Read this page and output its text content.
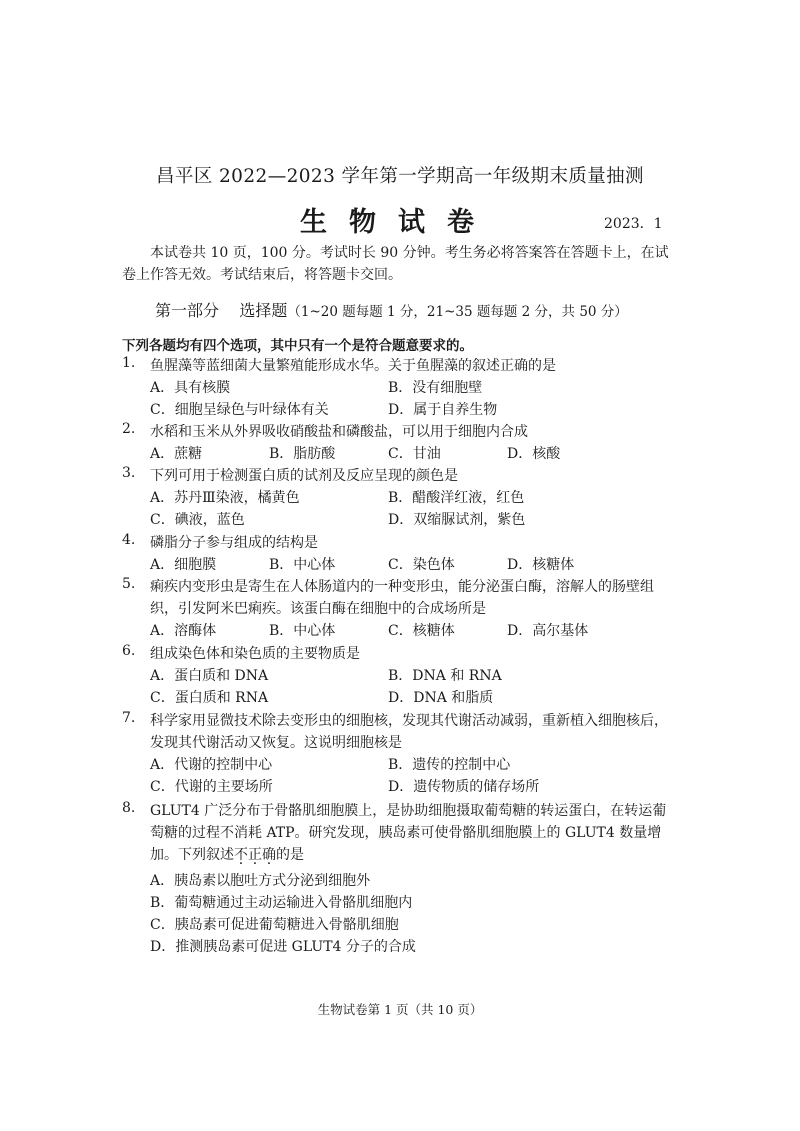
昌平区 2022—2023 学年第一学期高一年级期末质量抽测
生 物 试 卷	2023．1
本试卷共 10 页，100 分。考试时长 90 分钟。考生务必将答案答在答题卡上，在试
卷上作答无效。考试结束后，将答题卡交回。
第一部分    选择题（1~20 题每题 1 分，21~35 题每题 2 分，共 50 分）
下列各题均有四个选项，其中只有一个是符合题意要求的。
1.	鱼腥藻等蓝细菌大量繁殖能形成水华。关于鱼腥藻的叙述正确的是
A．具有核膜	B．没有细胞壁
C．细胞呈绿色与叶绿体有关	D．属于自养生物
2.	水稻和玉米从外界吸收硝酸盐和磷酸盐，可以用于细胞内合成
A．蔗糖	B．脂肪酸	C．甘油	D．核酸
3.	下列可用于检测蛋白质的试剂及反应呈现的颜色是
A．苏丹Ⅲ染液，橘黄色	B．醋酸洋红液，红色
C．碘液，蓝色	D．双缩脲试剂，紫色
4.	磷脂分子参与组成的结构是
A．细胞膜	B．中心体	C．染色体	D．核糖体
5.	痢疾内变形虫是寄生在人体肠道内的一种变形虫，能分泌蛋白酶，溶解人的肠壁组
织，引发阿米巴痢疾。该蛋白酶在细胞中的合成场所是
A．溶酶体	B．中心体	C．核糖体	D．高尔基体
6.	组成染色体和染色质的主要物质是
A．蛋白质和 DNA	B．DNA 和 RNA
C．蛋白质和 RNA	D．DNA 和脂质
7.	科学家用显微技术除去变形虫的细胞核，发现其代谢活动减弱，重新植入细胞核后，
发现其代谢活动又恢复。这说明细胞核是
A．代谢的控制中心	B．遗传的控制中心
C．代谢的主要场所	D．遗传物质的储存场所
8.	GLUT4 广泛分布于骨骼肌细胞膜上，是协助细胞摄取葡萄糖的转运蛋白，在转运葡
萄糖的过程不消耗 ATP。研究发现，胰岛素可使骨骼肌细胞膜上的 GLUT4 数量增
加。下列叙述不正确的是
A．胰岛素以胞吐方式分泌到细胞外
B．葡萄糖通过主动运输进入骨骼肌细胞内
C．胰岛素可促进葡萄糖进入骨骼肌细胞
D．推测胰岛素可促进 GLUT4 分子的合成
生物试卷第 1 页（共 10 页）
